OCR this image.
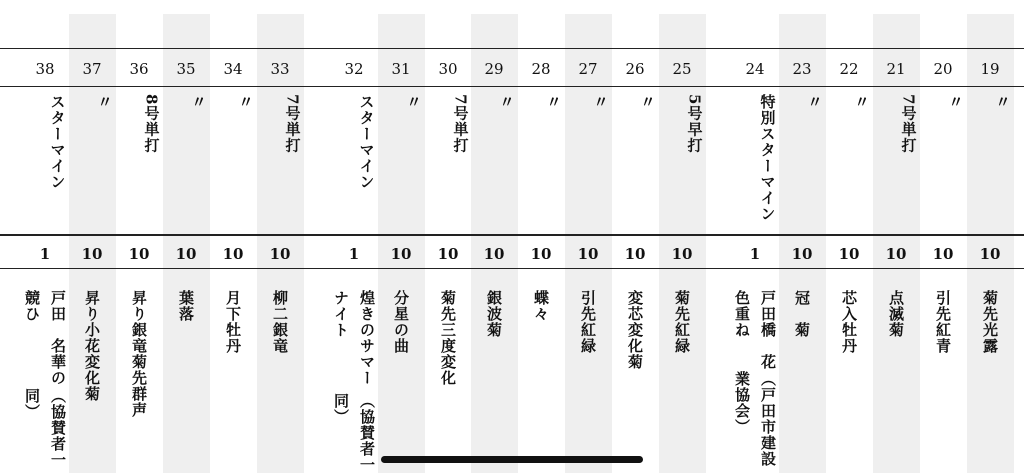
38
スターマイン
1
戸田　名華の競ひ
（協賛者一同）
37
〃
10
昇り小花変化菊
36
8号単打
10
昇り銀竜菊先群声
35
〃
10
葉落
34
〃
10
月下牡丹
33
7号単打
10
柳二銀竜
32
スターマイン
1
煌きのサマーナイト
（協賛者一同）
31
〃
10
分星の曲
30
7号単打
10
菊先三度変化
29
〃
10
銀波菊
28
〃
10
蝶々
27
〃
10
引先紅緑
26
〃
10
変芯変化菊
25
5号早打
10
菊先紅緑
24
特別スターマイン
1
戸田橋　花色重ね
（戸田市建設業協会）
23
〃
10
冠　菊
22
〃
10
芯入牡丹
21
7号単打
10
点滅菊
20
〃
10
引先紅青
19
〃
10
菊先光露
